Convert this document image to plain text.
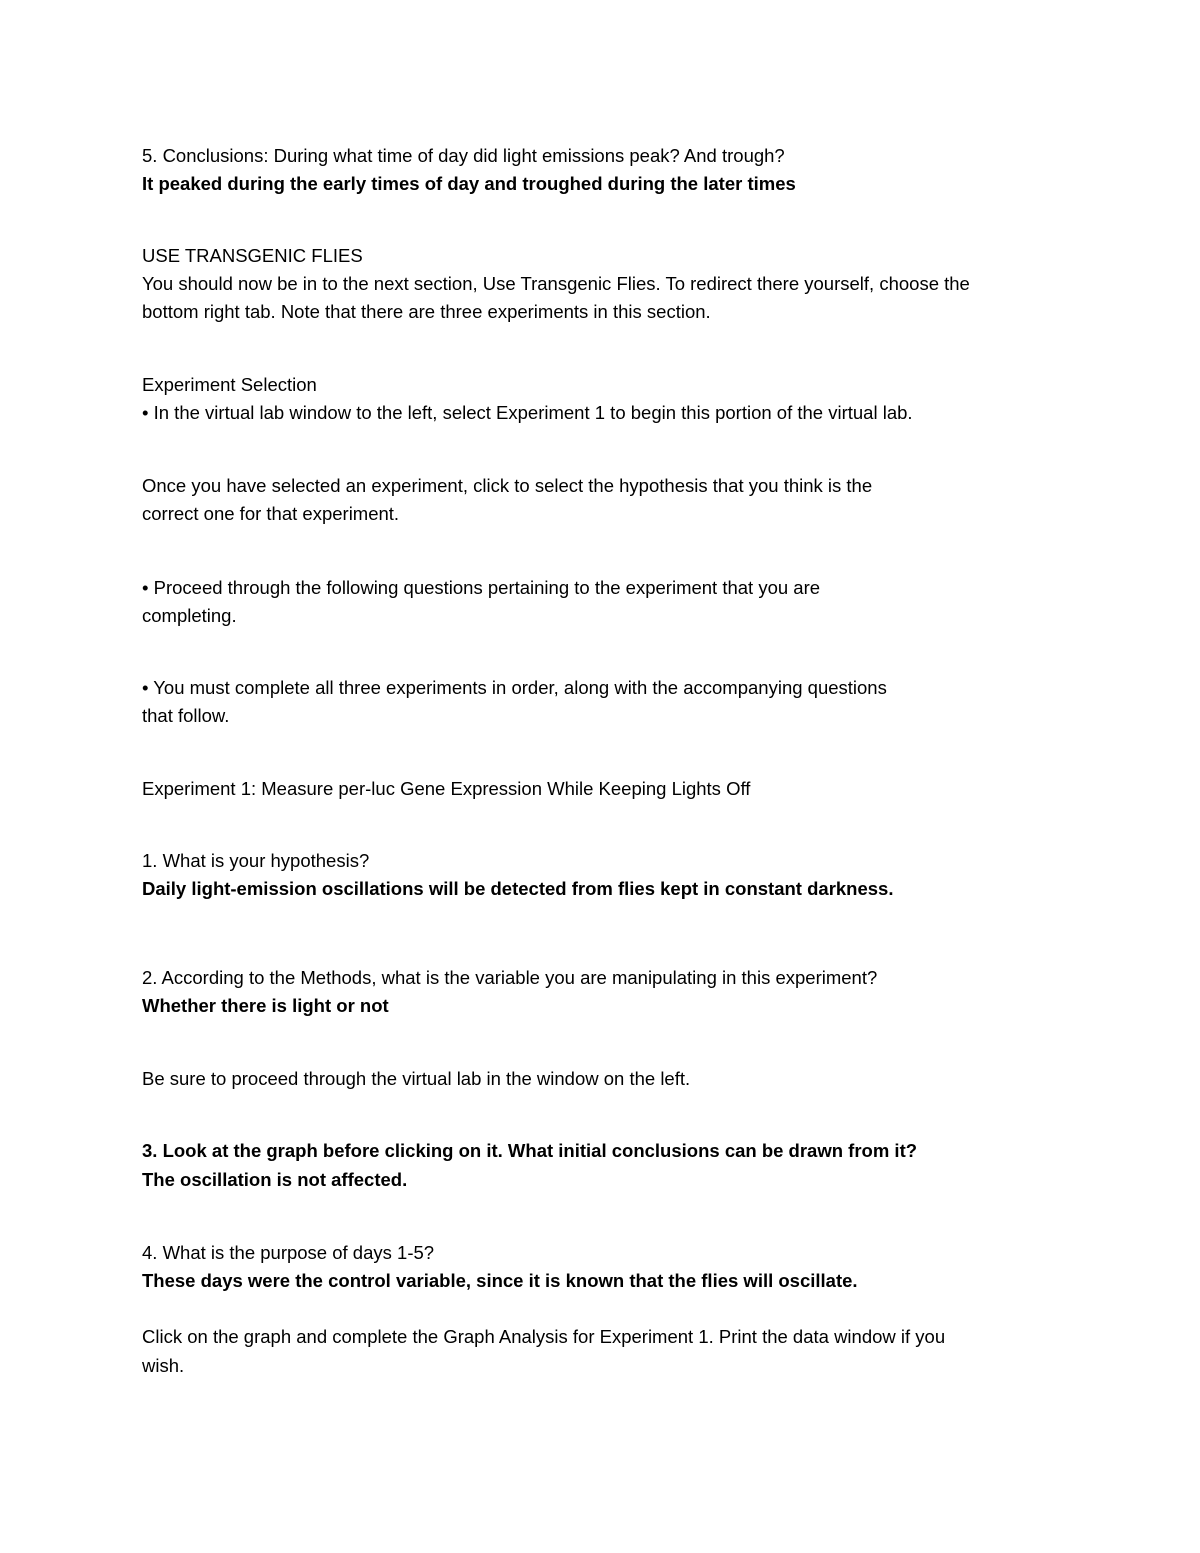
5. Conclusions: During what time of day did light emissions peak? And trough?
It peaked during the early times of day and troughed during the later times
USE TRANSGENIC FLIES
You should now be in to the next section, Use Transgenic Flies. To redirect there yourself, choose the
bottom right tab. Note that there are three experiments in this section.
Experiment Selection
• In the virtual lab window to the left, select Experiment 1 to begin this portion of the virtual lab.
Once you have selected an experiment, click to select the hypothesis that you think is the
correct one for that experiment.
• Proceed through the following questions pertaining to the experiment that you are
completing.
• You must complete all three experiments in order, along with the accompanying questions
that follow.
Experiment 1: Measure per-luc Gene Expression While Keeping Lights Off
1. What is your hypothesis?
Daily light-emission oscillations will be detected from flies kept in constant darkness.
2. According to the Methods, what is the variable you are manipulating in this experiment?
Whether there is light or not
Be sure to proceed through the virtual lab in the window on the left.
3. Look at the graph before clicking on it. What initial conclusions can be drawn from it?
The oscillation is not affected.
4. What is the purpose of days 1-5?
These days were the control variable, since it is known that the flies will oscillate.
Click on the graph and complete the Graph Analysis for Experiment 1. Print the data window if you
wish.
